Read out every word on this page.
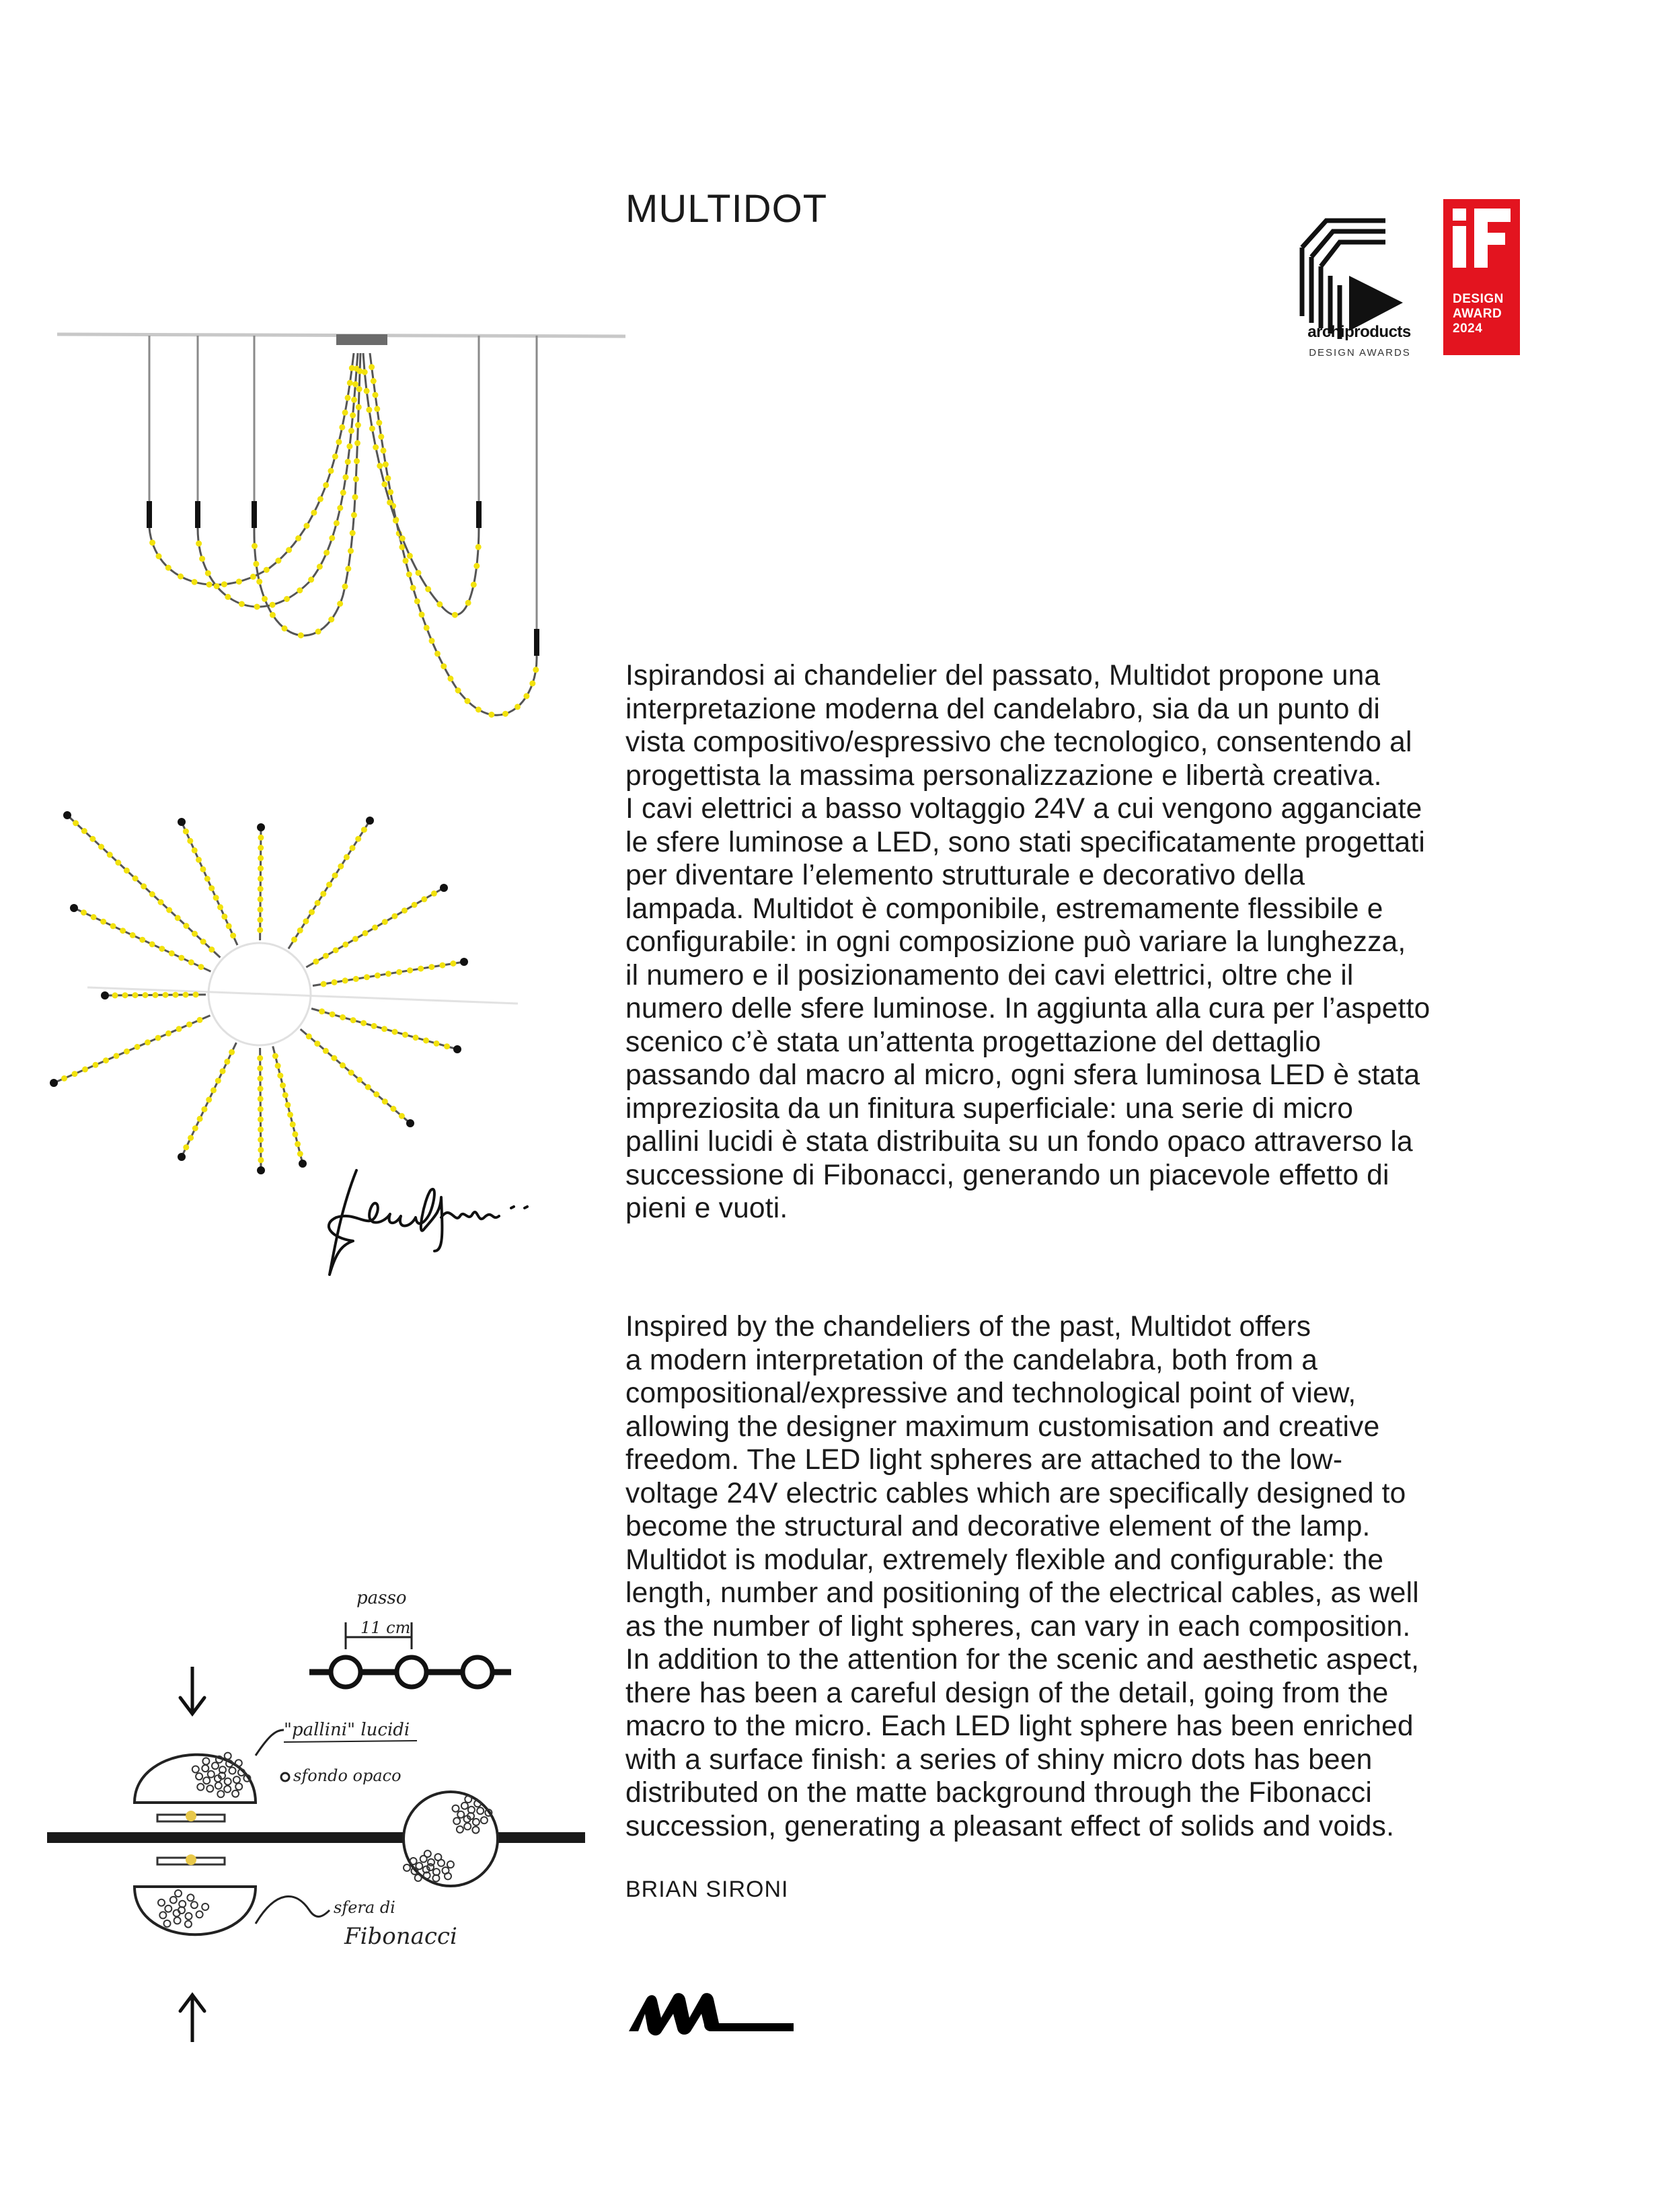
MULTIDOT
archiproducts
DESIGN AWARDS
DESIGN
AWARD
2024
Ispirandosi ai chandelier del passato, Multidot propone una
interpretazione moderna del candelabro, sia da un punto di
vista compositivo/espressivo che tecnologico, consentendo al
progettista la massima personalizzazione e libertà creativa.
I cavi elettrici a basso voltaggio 24V a cui vengono agganciate
le sfere luminose a LED, sono stati specificatamente progettati
per diventare l’elemento strutturale e decorativo della
lampada. Multidot è componibile, estremamente flessibile e
configurabile: in ogni composizione può variare la lunghezza,
il numero e il posizionamento dei cavi elettrici, oltre che il
numero delle sfere luminose. In aggiunta alla cura per l’aspetto
scenico c’è stata un’attenta progettazione del dettaglio
passando dal macro al micro, ogni sfera luminosa LED è stata
impreziosita da un finitura superficiale: una serie di micro
pallini lucidi è stata distribuita su un fondo opaco attraverso la
successione di Fibonacci, generando un piacevole effetto di
pieni e vuoti.
Inspired by the chandeliers of the past, Multidot offers
a modern interpretation of the candelabra, both from a
compositional/expressive and technological point of view,
allowing the designer maximum customisation and creative
freedom. The LED light spheres are attached to the low-
voltage 24V electric cables which are specifically designed to
become the structural and decorative element of the lamp.
Multidot is modular, extremely flexible and configurable: the
length, number and positioning of the electrical cables, as well
as the number of light spheres, can vary in each composition.
In addition to the attention for the scenic and aesthetic aspect,
there has been a careful design of the detail, going from the
macro to the micro. Each LED light sphere has been enriched
with a surface finish: a series of shiny micro dots has been
distributed on the matte background through the Fibonacci
succession, generating a pleasant effect of solids and voids.
BRIAN SIRONI
passo
11 cm
"pallini" lucidi
sfondo opaco
sfera di
Fibonacci
